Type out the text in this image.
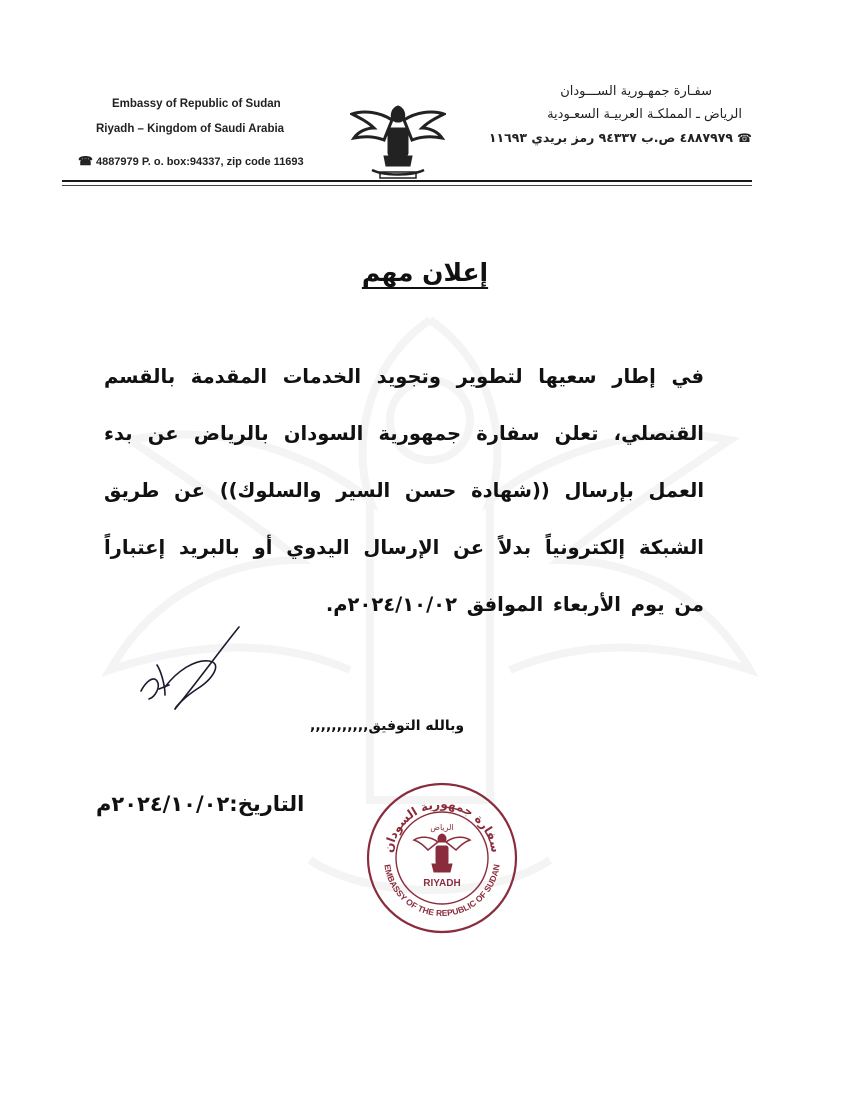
Embassy of Republic of Sudan
Riyadh – Kingdom of Saudi Arabia
☎ 4887979 P. o. box:94337, zip code 11693
سفـارة جمهـورية الســـودان
الرياض ـ المملكـة العربيـة السعـودية
☎٤٨٨٧٩٧٩ ص.ب ٩٤٣٣٧ رمز بريدي ١١٦٩٣
إعلان مهم
في إطار سعيها لتطوير وتجويد الخدمات المقدمة بالقسم القنصلي، تعلن سفارة جمهورية السودان بالرياض عن بدء العمل بإرسال ((شهادة حسن السير والسلوك)) عن طريق الشبكة إلكترونياً بدلاً عن الإرسال اليدوي أو بالبريد إعتباراً من يوم الأربعاء الموافق ٢٠٢٤/١٠/٠٢م.
وبالله التوفيق,,,,,,,,,,,
التاريخ:٢٠٢٤/١٠/٠٢م
سفارة جمهورية السودان
EMBASSY OF THE REPUBLIC OF SUDAN
RIYADH
الرياض
